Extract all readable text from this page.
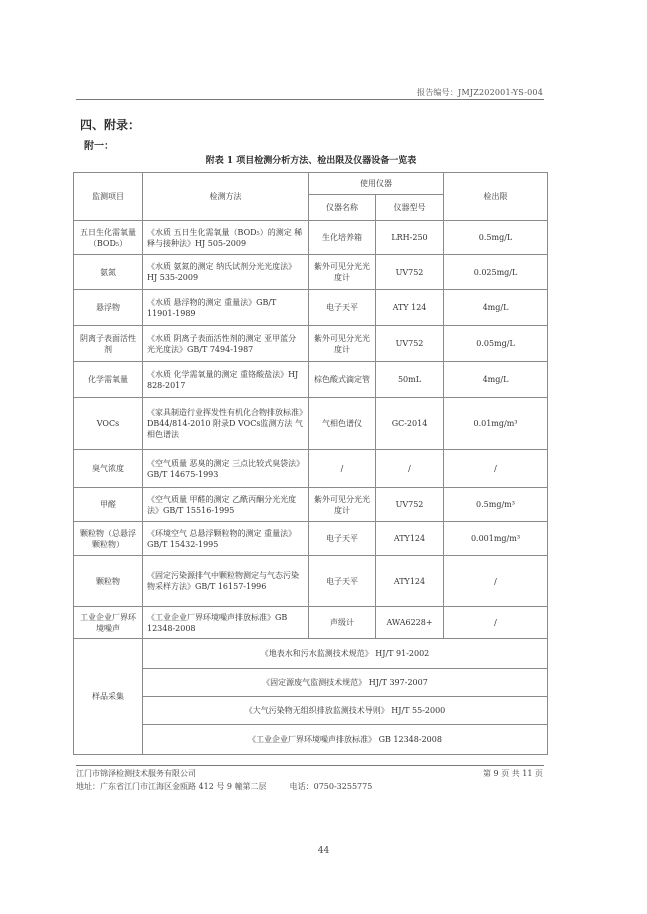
报告编号：JMJZ202001-YS-004
四、附录：
附一：
附表 1 项目检测分析方法、检出限及仪器设备一览表
监测项目	检测方法	使用仪器		检出限
		仪器名称	仪器型号	
五日生化需氧量（BOD₅）	《水质 五日生化需氧量（BOD₅）的测定 稀释与接种法》HJ 505-2009	生化培养箱	LRH-250	0.5mg/L
氨氮	《水质 氨氮的测定 纳氏试剂分光光度法》HJ 535-2009	紫外可见分光光度计	UV752	0.025mg/L
悬浮物	《水质 悬浮物的测定 重量法》GB/T 11901-1989	电子天平	ATY 124	4mg/L
阴离子表面活性剂	《水质 阴离子表面活性剂的测定 亚甲蓝分光光度法》GB/T 7494-1987	紫外可见分光光度计	UV752	0.05mg/L
化学需氧量	《水质 化学需氧量的测定 重铬酸盐法》HJ 828-2017	棕色酸式滴定管	50mL	4mg/L
VOCs	《家具制造行业挥发性有机化合物排放标准》DB44/814-2010 附录D VOCs监测方法 气相色谱法	气相色谱仪	GC-2014	0.01mg/m³
臭气浓度	《空气质量 恶臭的测定 三点比较式臭袋法》GB/T 14675-1993	/	/	/
甲醛	《空气质量 甲醛的测定 乙酰丙酮分光光度法》GB/T 15516-1995	紫外可见分光光度计	UV752	0.5mg/m³
颗粒物（总悬浮颗粒物）	《环境空气 总悬浮颗粒物的测定 重量法》GB/T 15432-1995	电子天平	ATY124	0.001mg/m³
颗粒物	《固定污染源排气中颗粒物测定与气态污染物采样方法》GB/T 16157-1996	电子天平	ATY124	/
工业企业厂界环境噪声	《工业企业厂界环境噪声排放标准》GB 12348-2008	声级计	AWA6228+	/
样品采集	《地表水和污水监测技术规范》 HJ/T 91-2002			
	《固定源废气监测技术规范》 HJ/T 397-2007			
	《大气污染物无组织排放监测技术导则》 HJ/T 55-2000			
	《工业企业厂界环境噪声排放标准》 GB 12348-2008			
江门市锦泽检测技术服务有限公司	第 9 页 共 11 页
地址：广东省江门市江海区金瓯路 412 号 9 幢第二层	电话：0750-3255775
44
